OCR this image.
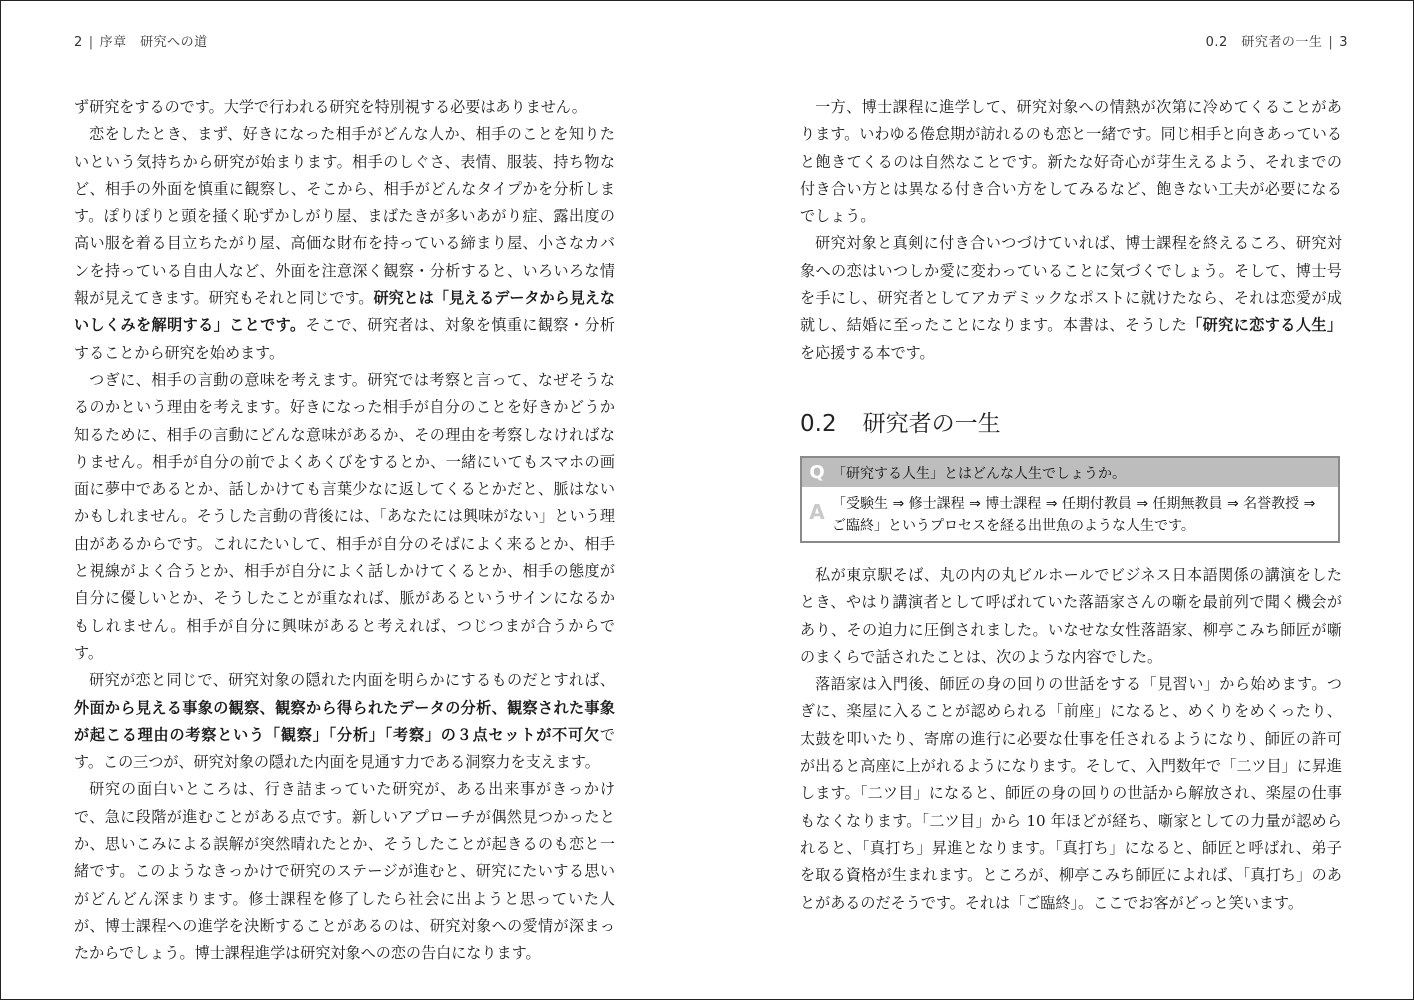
2 | 序章　研究への道

ず研究をするのです。大学で行われる研究を特別視する必要はありません。

恋をしたとき、まず、好きになった相手がどんな人か、相手のことを知りたいという気持ちから研究が始まります。相手のしぐさ、表情、服装、持ち物など、相手の外面を慎重に観察し、そこから、相手がどんなタイプかを分析します。ぽりぽりと頭を掻く恥ずかしがり屋、まばたきが多いあがり症、露出度の高い服を着る目立ちたがり屋、高価な財布を持っている締まり屋、小さなカバンを持っている自由人など、外面を注意深く観察・分析すると、いろいろな情報が見えてきます。研究もそれと同じです。研究とは「見えるデータから見えないしくみを解明する」ことです。そこで、研究者は、対象を慎重に観察・分析することから研究を始めます。

つぎに、相手の言動の意味を考えます。研究では考察と言って、なぜそうなるのかという理由を考えます。好きになった相手が自分のことを好きかどうか知るために、相手の言動にどんな意味があるか、その理由を考察しなければなりません。相手が自分の前でよくあくびをするとか、一緒にいてもスマホの画面に夢中であるとか、話しかけても言葉少なに返してくるとかだと、脈はないかもしれません。そうした言動の背後には、「あなたには興味がない」という理由があるからです。これにたいして、相手が自分のそばによく来るとか、相手と視線がよく合うとか、相手が自分によく話しかけてくるとか、相手の態度が自分に優しいとか、そうしたことが重なれば、脈があるというサインになるかもしれません。相手が自分に興味があると考えれば、つじつまが合うからです。

研究が恋と同じで、研究対象の隠れた内面を明らかにするものだとすれば、外面から見える事象の観察、観察から得られたデータの分析、観察された事象が起こる理由の考察という「観察」「分析」「考察」の３点セットが不可欠です。この三つが、研究対象の隠れた内面を見通す力である洞察力を支えます。

研究の面白いところは、行き詰まっていた研究が、ある出来事がきっかけで、急に段階が進むことがある点です。新しいアプローチが偶然見つかったとか、思いこみによる誤解が突然晴れたとか、そうしたことが起きるのも恋と一緒です。このようなきっかけで研究のステージが進むと、研究にたいする思いがどんどん深まります。修士課程を修了したら社会に出ようと思っていた人が、博士課程への進学を決断することがあるのは、研究対象への愛情が深まったからでしょう。博士課程進学は研究対象への恋の告白になります。

0.2　研究者の一生 | 3

一方、博士課程に進学して、研究対象への情熱が次第に冷めてくることがあります。いわゆる倦怠期が訪れるのも恋と一緒です。同じ相手と向きあっていると飽きてくるのは自然なことです。新たな好奇心が芽生えるよう、それまでの付き合い方とは異なる付き合い方をしてみるなど、飽きない工夫が必要になるでしょう。

研究対象と真剣に付き合いつづけていれば、博士課程を終えるころ、研究対象への恋はいつしか愛に変わっていることに気づくでしょう。そして、博士号を手にし、研究者としてアカデミックなポストに就けたなら、それは恋愛が成就し、結婚に至ったことになります。本書は、そうした「研究に恋する人生」を応援する本です。

0.2 研究者の一生
Q 「研究する人生」とはどんな人生でしょうか。
A 「受験生 ⇒ 修士課程 ⇒ 博士課程 ⇒ 任期付教員 ⇒ 任期無教員 ⇒ 名誉教授 ⇒ ご臨終」というプロセスを経る出世魚のような人生です。

私が東京駅そば、丸の内の丸ビルホールでビジネス日本語関係の講演をしたとき、やはり講演者として呼ばれていた落語家さんの噺を最前列で聞く機会があり、その迫力に圧倒されました。いなせな女性落語家、柳亭こみち師匠が噺のまくらで話されたことは、次のような内容でした。

落語家は入門後、師匠の身の回りの世話をする「見習い」から始めます。つぎに、楽屋に入ることが認められる「前座」になると、めくりをめくったり、太鼓を叩いたり、寄席の進行に必要な仕事を任されるようになり、師匠の許可が出ると高座に上がれるようになります。そして、入門数年で「二ツ目」に昇進します。「二ツ目」になると、師匠の身の回りの世話から解放され、楽屋の仕事もなくなります。「二ツ目」から 10 年ほどが経ち、噺家としての力量が認められると、「真打ち」昇進となります。「真打ち」になると、師匠と呼ばれ、弟子を取る資格が生まれます。ところが、柳亭こみち師匠によれば、「真打ち」のあとがあるのだそうです。それは「ご臨終」。ここでお客がどっと笑います。
